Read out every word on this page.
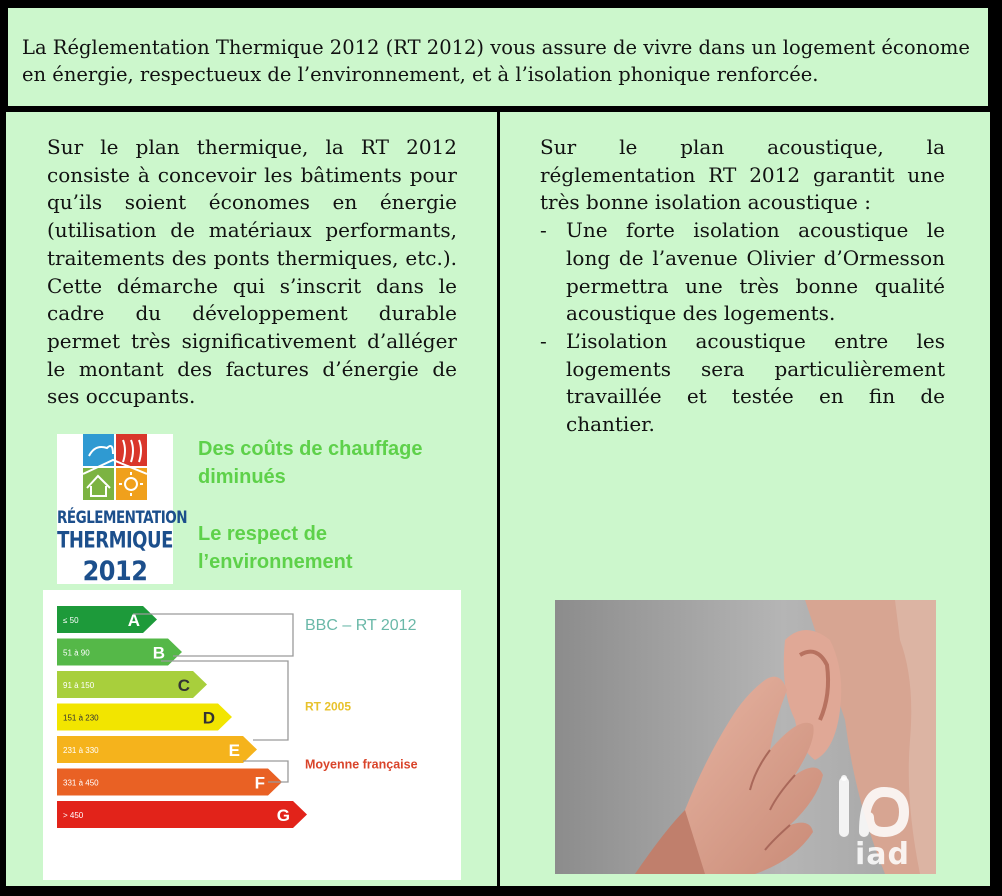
La Réglementation Thermique 2012 (RT 2012) vous assure de vivre dans un logement économe en énergie, respectueux de l’environnement, et à l’isolation phonique renforcée.

Sur le plan thermique, la RT 2012 consiste à concevoir les bâtiments pour qu’ils soient économes en énergie (utilisation de matériaux performants, traitements des ponts thermiques, etc.). Cette démarche qui s’inscrit dans le cadre du développement durable permet très significativement d’alléger le montant des factures d’énergie de ses occupants.

RÉGLEMENTATION
THERMIQUE
2012

Des coûts de chauffage diminués

Le respect de l’environnement

≤ 50	A
51 à 90	B
91 à 150	C
151 à 230	D
231 à 330	E
331 à 450	F
> 450	G
BBC – RT 2012
RT 2005
Moyenne française
Sur le plan acoustique, la réglementation RT 2012 garantit une très bonne isolation acoustique :
- Une forte isolation acoustique le long de l’avenue Olivier d’Ormesson permettra une très bonne qualité acoustique des logements.
- L’isolation acoustique entre les logements sera particulièrement travaillée et testée en fin de chantier.
iad
